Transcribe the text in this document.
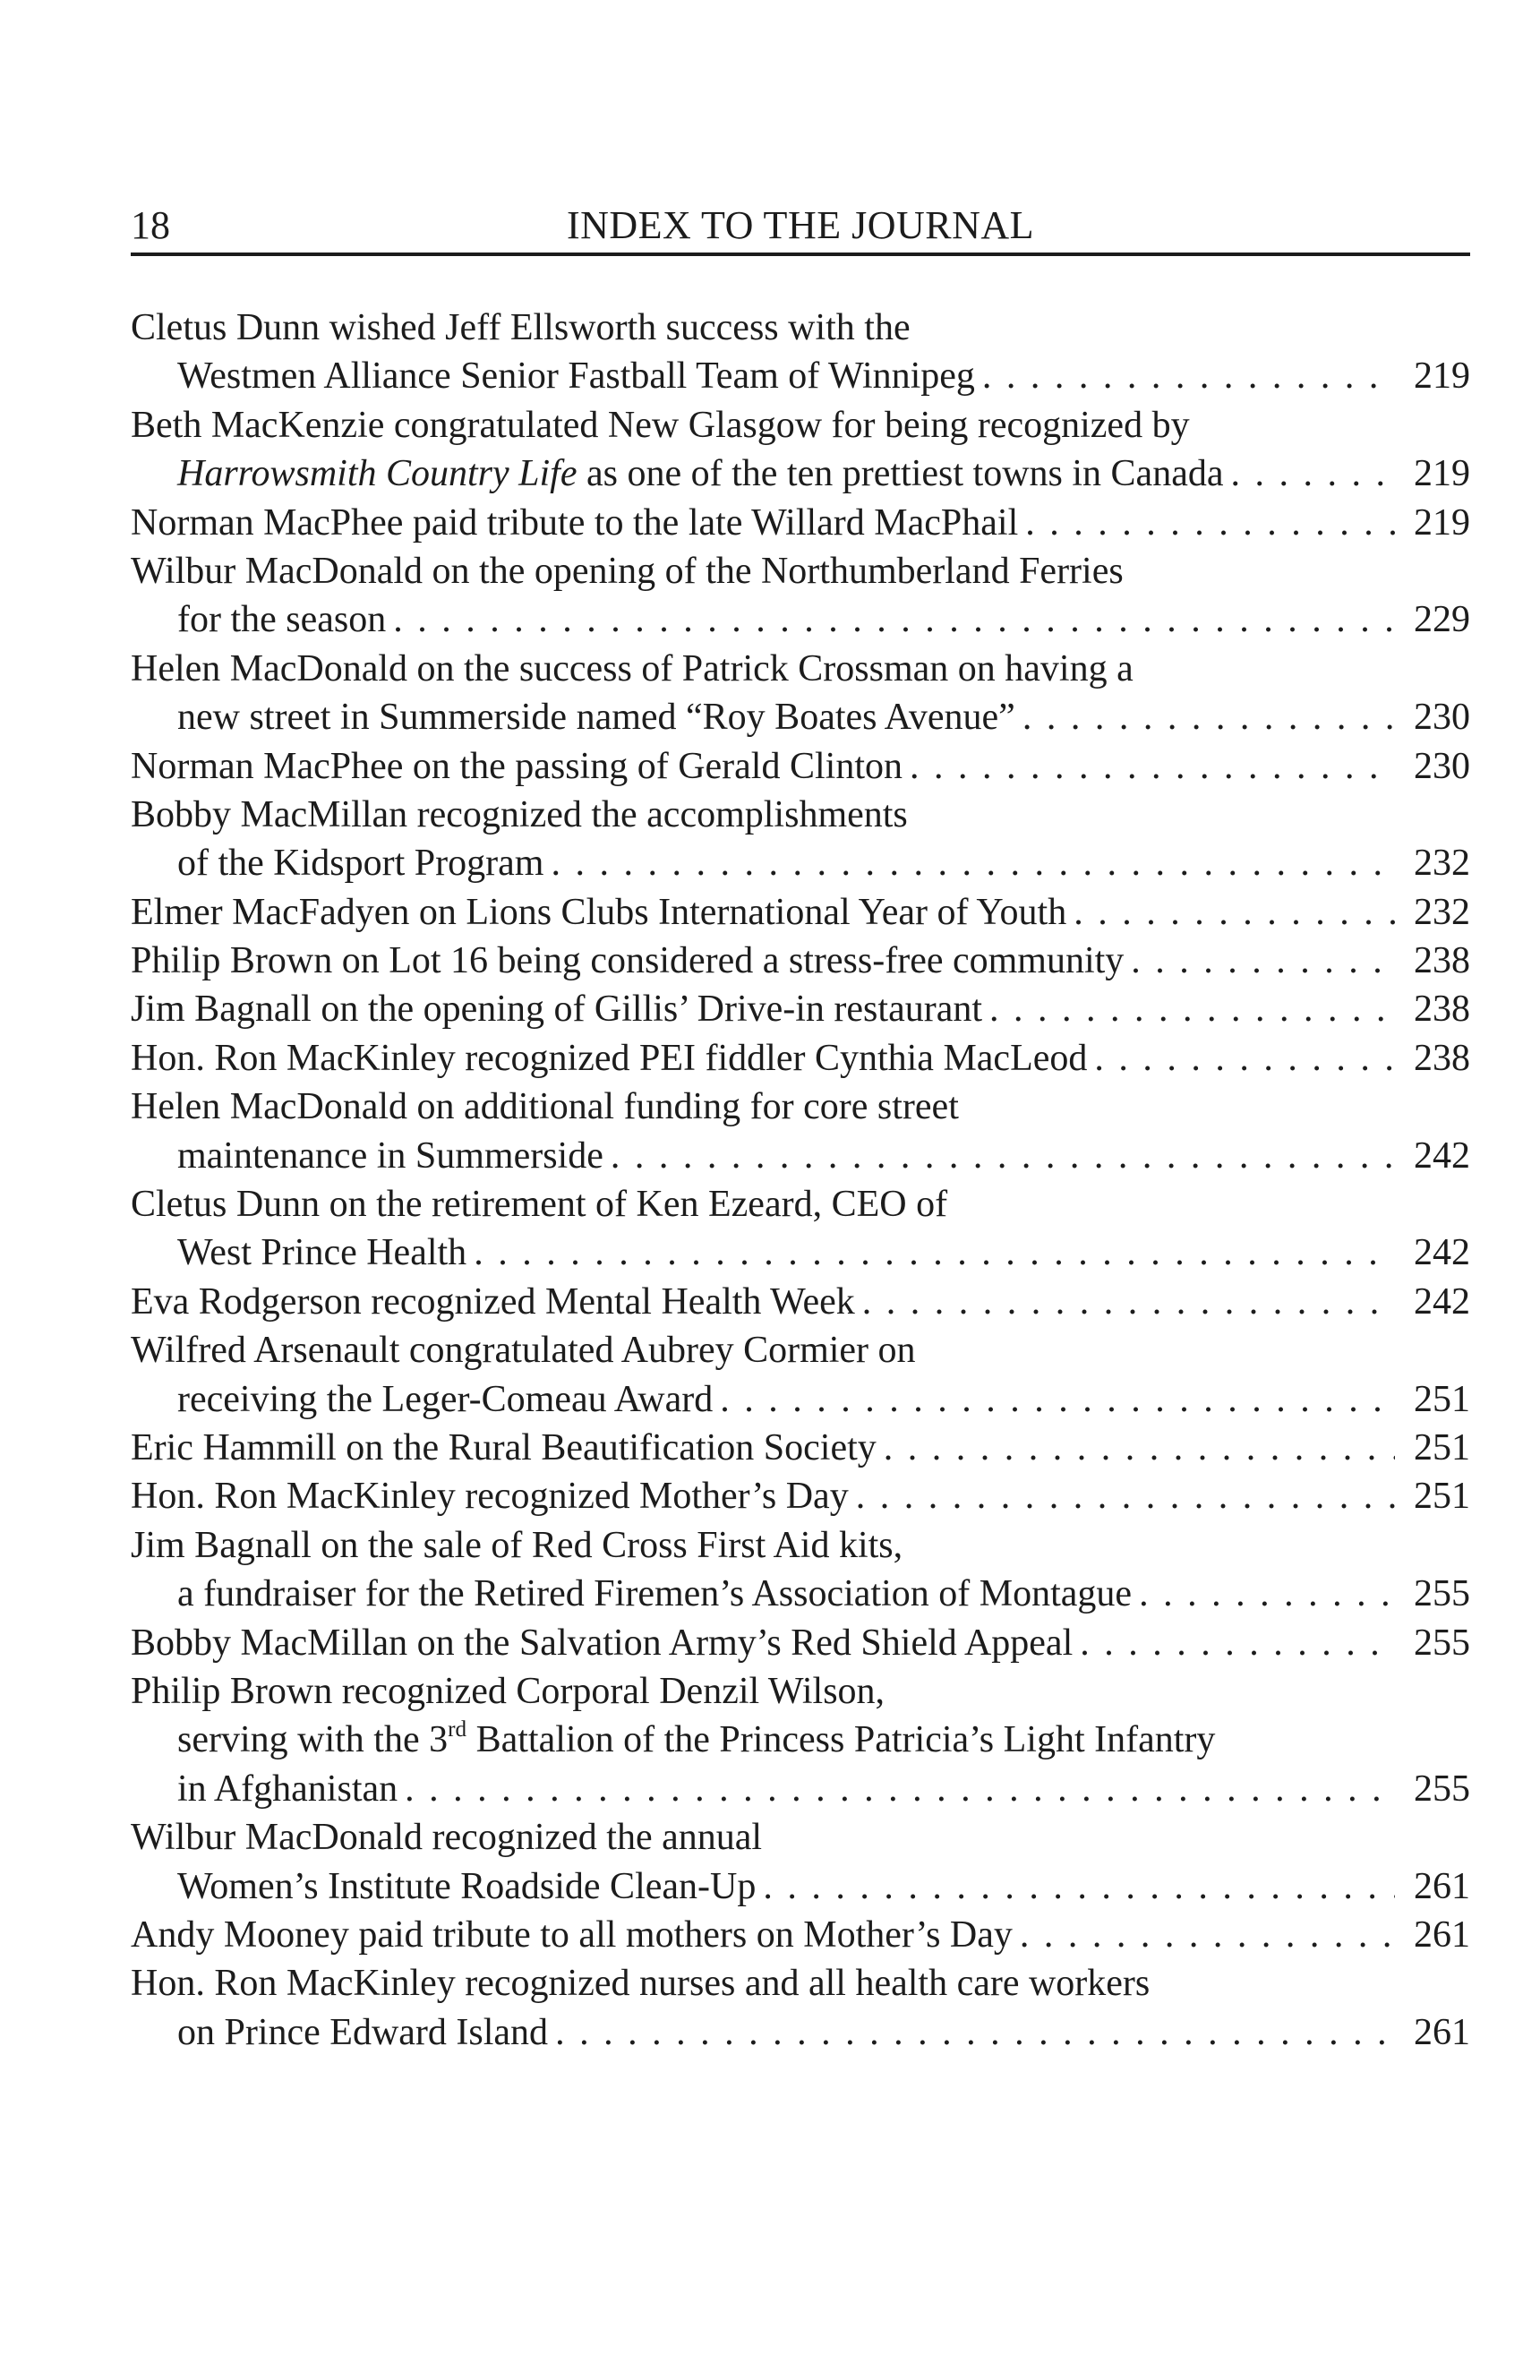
18	INDEX TO THE JOURNAL
Cletus Dunn wished Jeff Ellsworth success with the
Westmen Alliance Senior Fastball Team of Winnipeg . . .	219
Beth MacKenzie congratulated New Glasgow for being recognized by
Harrowsmith Country Life as one of the ten prettiest towns in Canada . . .	219
Norman MacPhee paid tribute to the late Willard MacPhail . . .	219
Wilbur MacDonald on the opening of the Northumberland Ferries
for the season . . .	229
Helen MacDonald on the success of Patrick Crossman on having a
new street in Summerside named “Roy Boates Avenue” . . .	230
Norman MacPhee on the passing of Gerald Clinton . . .	230
Bobby MacMillan recognized the accomplishments
of the Kidsport Program . . .	232
Elmer MacFadyen on Lions Clubs International Year of Youth . . .	232
Philip Brown on Lot 16 being considered a stress-free community . . .	238
Jim Bagnall on the opening of Gillis’ Drive-in restaurant . . .	238
Hon. Ron MacKinley recognized PEI fiddler Cynthia MacLeod . . .	238
Helen MacDonald on additional funding for core street
maintenance in Summerside . . .	242
Cletus Dunn on the retirement of Ken Ezeard, CEO of
West Prince Health . . .	242
Eva Rodgerson recognized Mental Health Week . . .	242
Wilfred Arsenault congratulated Aubrey Cormier on
receiving the Leger-Comeau Award . . .	251
Eric Hammill on the Rural Beautification Society . . .	251
Hon. Ron MacKinley recognized Mother’s Day . . .	251
Jim Bagnall on the sale of Red Cross First Aid kits,
a fundraiser for the Retired Firemen’s Association of Montague . . .	255
Bobby MacMillan on the Salvation Army’s Red Shield Appeal . . .	255
Philip Brown recognized Corporal Denzil Wilson,
serving with the 3rd Battalion of the Princess Patricia’s Light Infantry
in Afghanistan . . .	255
Wilbur MacDonald recognized the annual
Women’s Institute Roadside Clean-Up . . .	261
Andy Mooney paid tribute to all mothers on Mother’s Day . . .	261
Hon. Ron MacKinley recognized nurses and all health care workers
on Prince Edward Island . . .	261
